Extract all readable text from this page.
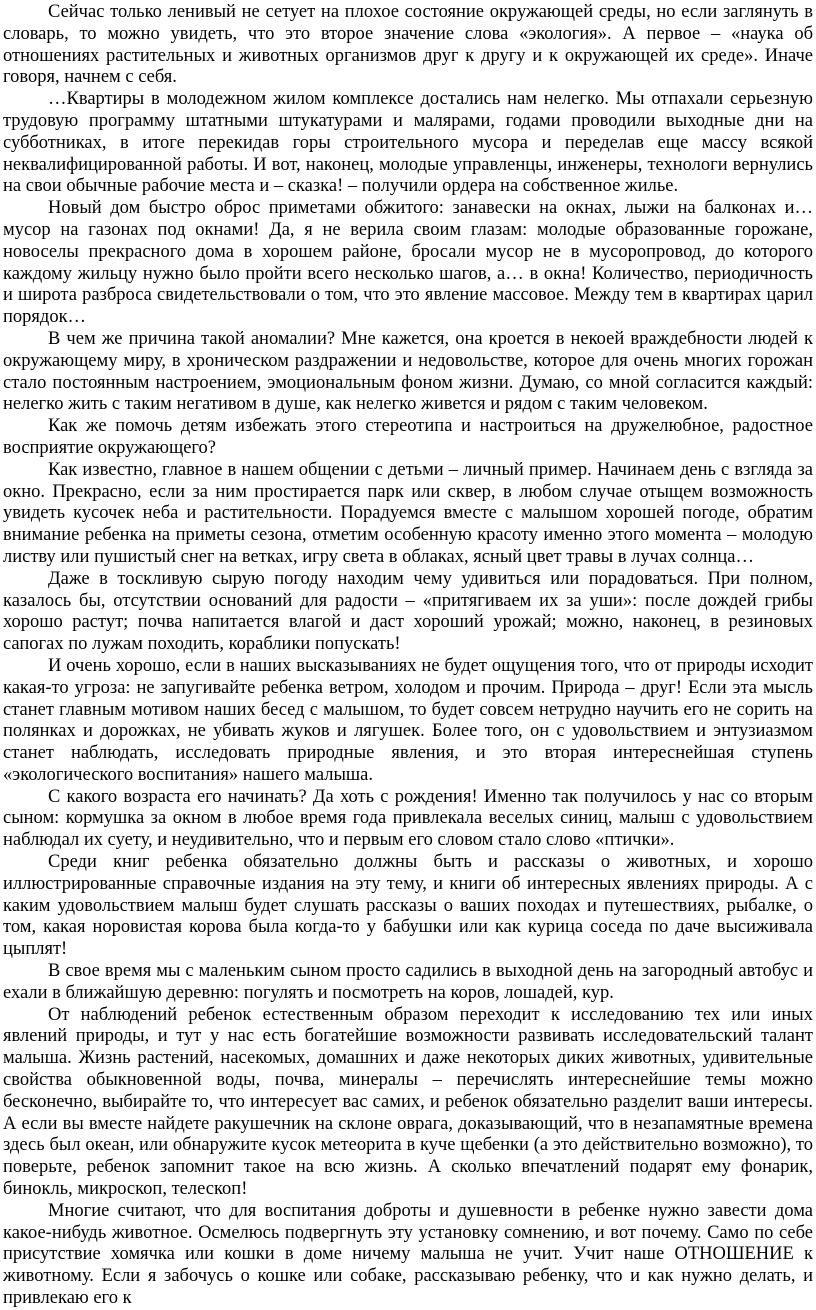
Сейчас только ленивый не сетует на плохое состояние окружающей среды, но если заглянуть в словарь, то можно увидеть, что это второе значение слова «экология». А первое – «наука об отношениях растительных и животных организмов друг к другу и к окружающей их среде». Иначе говоря, начнем с себя.

…Квартиры в молодежном жилом комплексе достались нам нелегко. Мы отпахали серьезную трудовую программу штатными штукатурами и малярами, годами проводили выходные дни на субботниках, в итоге перекидав горы строительного мусора и переделав еще массу всякой неквалифицированной работы. И вот, наконец, молодые управленцы, инженеры, технологи вернулись на свои обычные рабочие места и – сказка! – получили ордера на собственное жилье.

Новый дом быстро оброс приметами обжитого: занавески на окнах, лыжи на балконах и… мусор на газонах под окнами! Да, я не верила своим глазам: молодые образованные горожане, новоселы прекрасного дома в хорошем районе, бросали мусор не в мусоропровод, до которого каждому жильцу нужно было пройти всего несколько шагов, а… в окна! Количество, периодичность и широта разброса свидетельствовали о том, что это явление массовое. Между тем в квартирах царил порядок…

В чем же причина такой аномалии? Мне кажется, она кроется в некоей враждебности людей к окружающему миру, в хроническом раздражении и недовольстве, которое для очень многих горожан стало постоянным настроением, эмоциональным фоном жизни. Думаю, со мной согласится каждый: нелегко жить с таким негативом в душе, как нелегко живется и рядом с таким человеком.

Как же помочь детям избежать этого стереотипа и настроиться на дружелюбное, радостное восприятие окружающего?

Как известно, главное в нашем общении с детьми – личный пример. Начинаем день с взгляда за окно. Прекрасно, если за ним простирается парк или сквер, в любом случае отыщем возможность увидеть кусочек неба и растительности. Порадуемся вместе с малышом хорошей погоде, обратим внимание ребенка на приметы сезона, отметим особенную красоту именно этого момента – молодую листву или пушистый снег на ветках, игру света в облаках, ясный цвет травы в лучах солнца…

Даже в тоскливую сырую погоду находим чему удивиться или порадоваться. При полном, казалось бы, отсутствии оснований для радости – «притягиваем их за уши»: после дождей грибы хорошо растут; почва напитается влагой и даст хороший урожай; можно, наконец, в резиновых сапогах по лужам походить, кораблики попускать!

И очень хорошо, если в наших высказываниях не будет ощущения того, что от природы исходит какая-то угроза: не запугивайте ребенка ветром, холодом и прочим. Природа – друг! Если эта мысль станет главным мотивом наших бесед с малышом, то будет совсем нетрудно научить его не сорить на полянках и дорожках, не убивать жуков и лягушек. Более того, он с удовольствием и энтузиазмом станет наблюдать, исследовать природные явления, и это вторая интереснейшая ступень «экологического воспитания» нашего малыша.

С какого возраста его начинать? Да хоть с рождения! Именно так получилось у нас со вторым сыном: кормушка за окном в любое время года привлекала веселых синиц, малыш с удовольствием наблюдал их суету, и неудивительно, что и первым его словом стало слово «птички».

Среди книг ребенка обязательно должны быть и рассказы о животных, и хорошо иллюстрированные справочные издания на эту тему, и книги об интересных явлениях природы. А с каким удовольствием малыш будет слушать рассказы о ваших походах и путешествиях, рыбалке, о том, какая норовистая корова была когда-то у бабушки или как курица соседа по даче высиживала цыплят!

В свое время мы с маленьким сыном просто садились в выходной день на загородный автобус и ехали в ближайшую деревню: погулять и посмотреть на коров, лошадей, кур.

От наблюдений ребенок естественным образом переходит к исследованию тех или иных явлений природы, и тут у нас есть богатейшие возможности развивать исследовательский талант малыша. Жизнь растений, насекомых, домашних и даже некоторых диких животных, удивительные свойства обыкновенной воды, почва, минералы – перечислять интереснейшие темы можно бесконечно, выбирайте то, что интересует вас самих, и ребенок обязательно разделит ваши интересы. А если вы вместе найдете ракушечник на склоне оврага, доказывающий, что в незапамятные времена здесь был океан, или обнаружите кусок метеорита в куче щебенки (а это действительно возможно), то поверьте, ребенок запомнит такое на всю жизнь. А сколько впечатлений подарят ему фонарик, бинокль, микроскоп, телескоп!

Многие считают, что для воспитания доброты и душевности в ребенке нужно завести дома какое-нибудь животное. Осмелюсь подвергнуть эту установку сомнению, и вот почему. Само по себе присутствие хомячка или кошки в доме ничему малыша не учит. Учит наше ОТНОШЕНИЕ к животному. Если я забочусь о кошке или собаке, рассказываю ребенку, что и как нужно делать, и привлекаю его к
